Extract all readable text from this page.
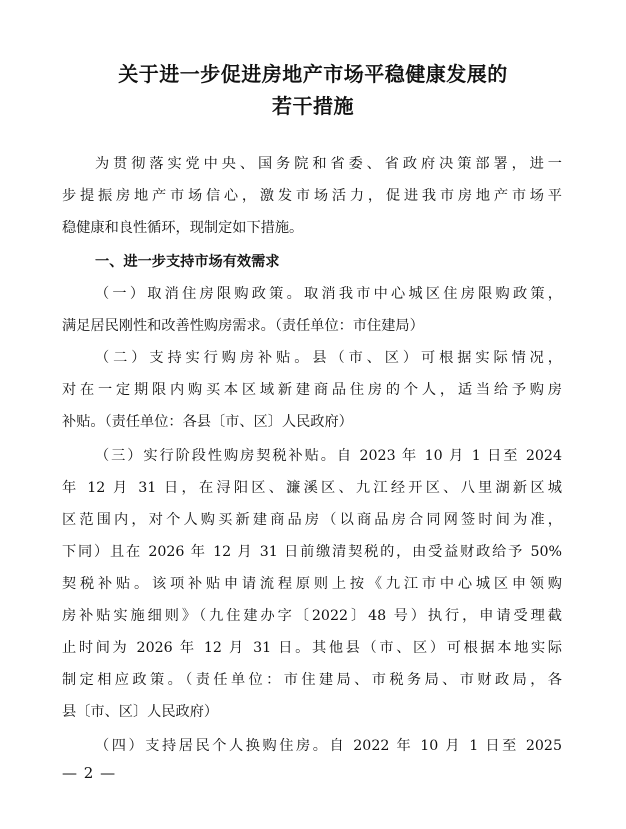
关于进一步促进房地产市场平稳健康发展的
若干措施

为贯彻落实党中央、国务院和省委、省政府决策部署，进一

步提振房地产市场信心，激发市场活力，促进我市房地产市场平

稳健康和良性循环，现制定如下措施。

一、进一步支持市场有效需求

（一）取消住房限购政策。取消我市中心城区住房限购政策，

满足居民刚性和改善性购房需求。（责任单位：市住建局）

（二）支持实行购房补贴。县（市、区）可根据实际情况，

对在一定期限内购买本区域新建商品住房的个人，适当给予购房

补贴。（责任单位：各县〔市、区〕人民政府）

（三）实行阶段性购房契税补贴。自 2023 年 10 月 1 日至 2024

年 12 月 31 日，在浔阳区、濂溪区、九江经开区、八里湖新区城

区范围内，对个人购买新建商品房（以商品房合同网签时间为准，

下同）且在 2026 年 12 月 31 日前缴清契税的，由受益财政给予 50%

契税补贴。该项补贴申请流程原则上按《九江市中心城区申领购

房补贴实施细则》（九住建办字〔2022〕48 号）执行，申请受理截

止时间为 2026 年 12 月 31 日。其他县（市、区）可根据本地实际

制定相应政策。（责任单位：市住建局、市税务局、市财政局，各

县〔市、区〕人民政府）

（四）支持居民个人换购住房。自 2022 年 10 月 1 日至 2025

— 2 —
